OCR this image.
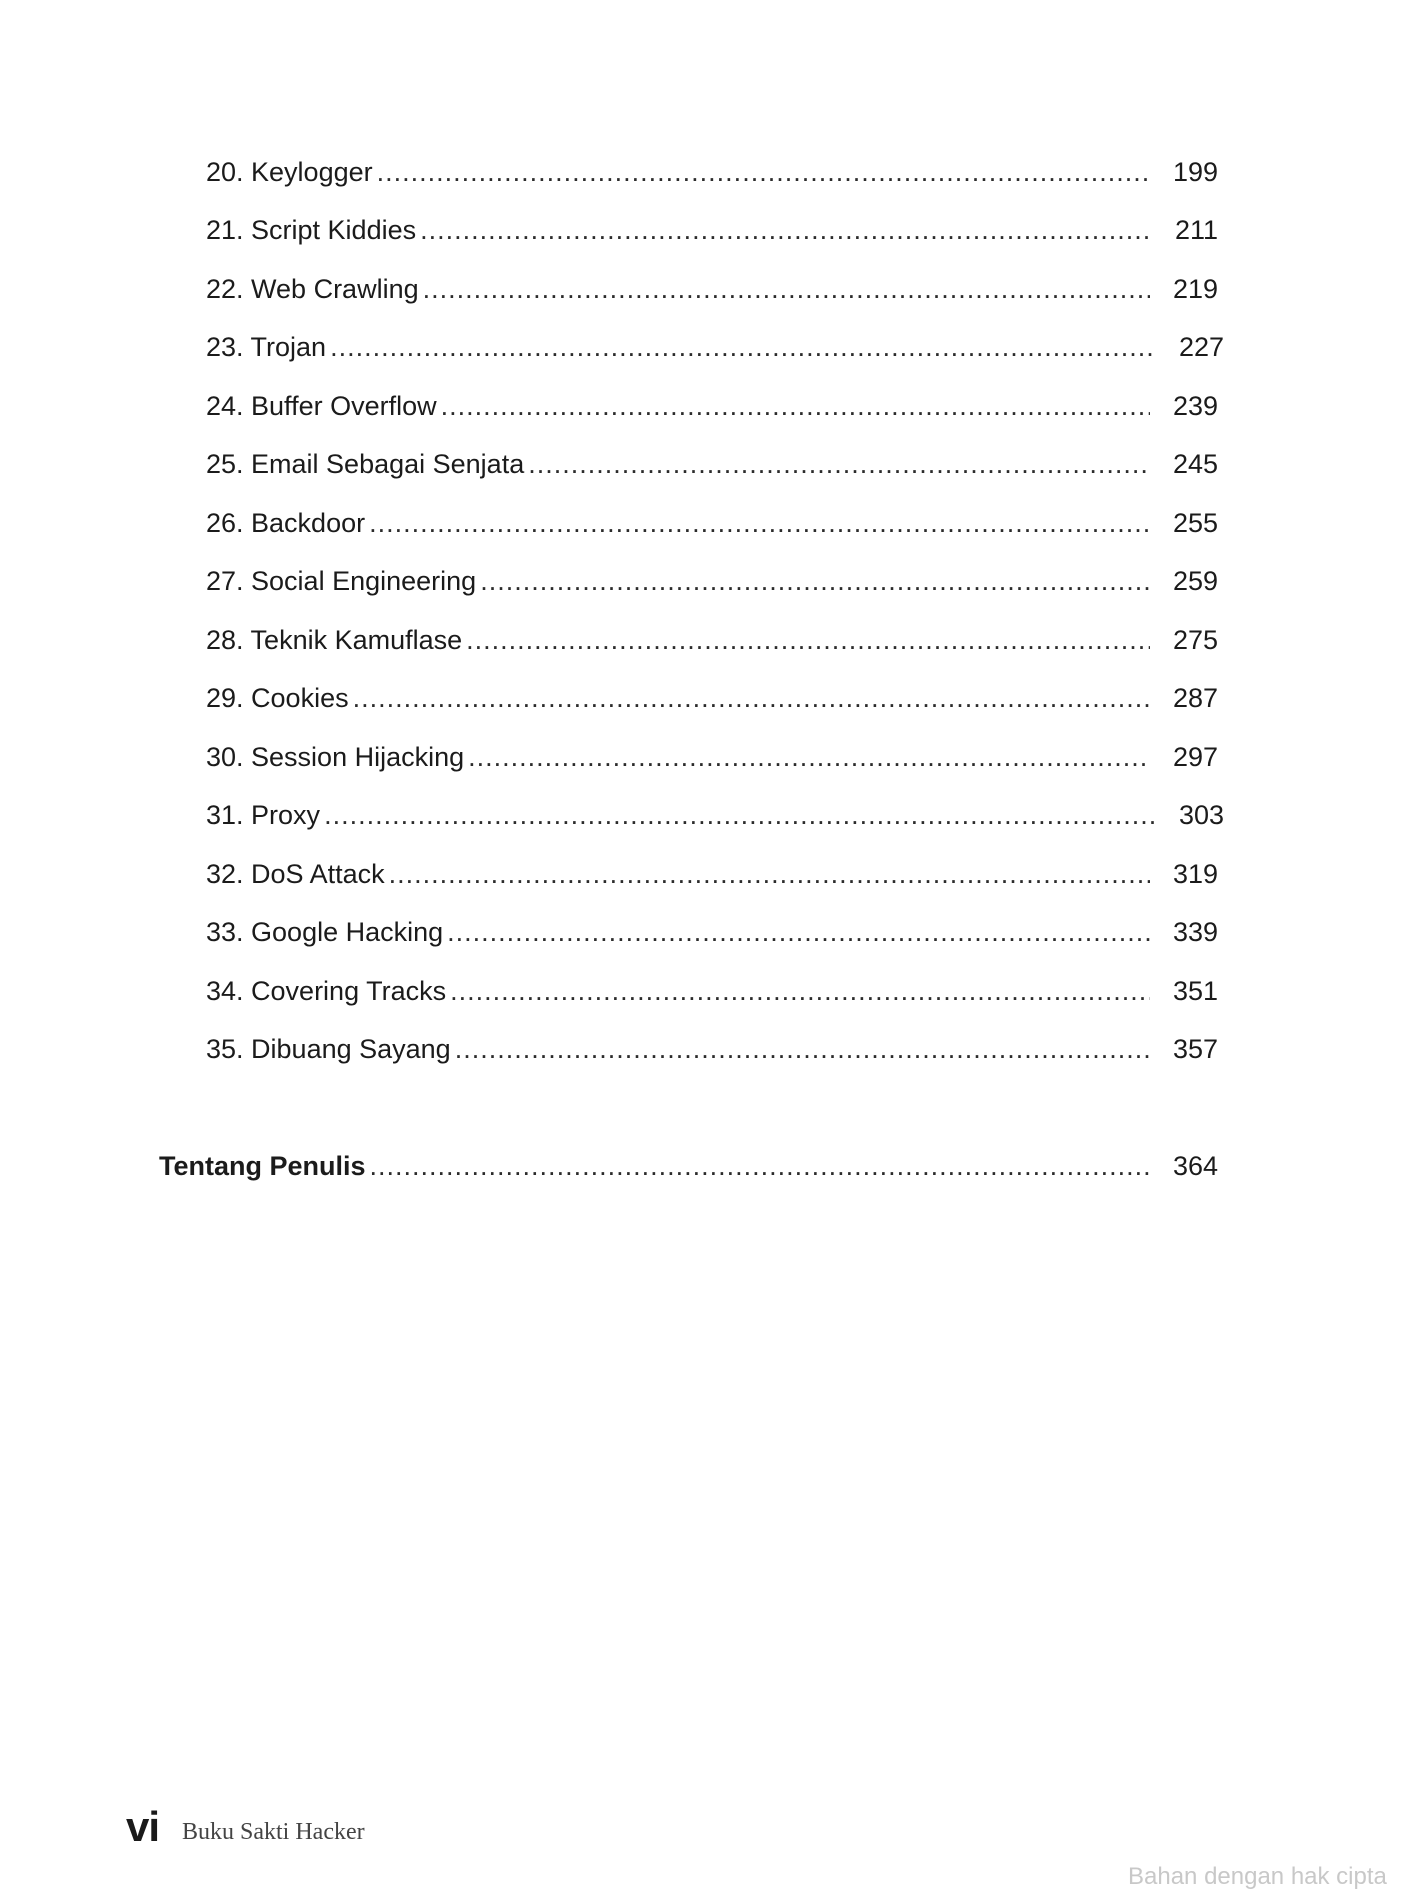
20. Keylogger .....	199
21. Script Kiddies .....	211
22. Web Crawling .....	219
23. Trojan .....	227
24. Buffer Overflow .....	239
25. Email Sebagai Senjata .....	245
26. Backdoor .....	255
27. Social Engineering .....	259
28. Teknik Kamuflase .....	275
29. Cookies .....	287
30. Session Hijacking .....	297
31. Proxy .....	303
32. DoS Attack .....	319
33. Google Hacking .....	339
34. Covering Tracks .....	351
35. Dibuang Sayang .....	357
Tentang Penulis .....	364
vi Buku Sakti Hacker
Bahan dengan hak cipta
